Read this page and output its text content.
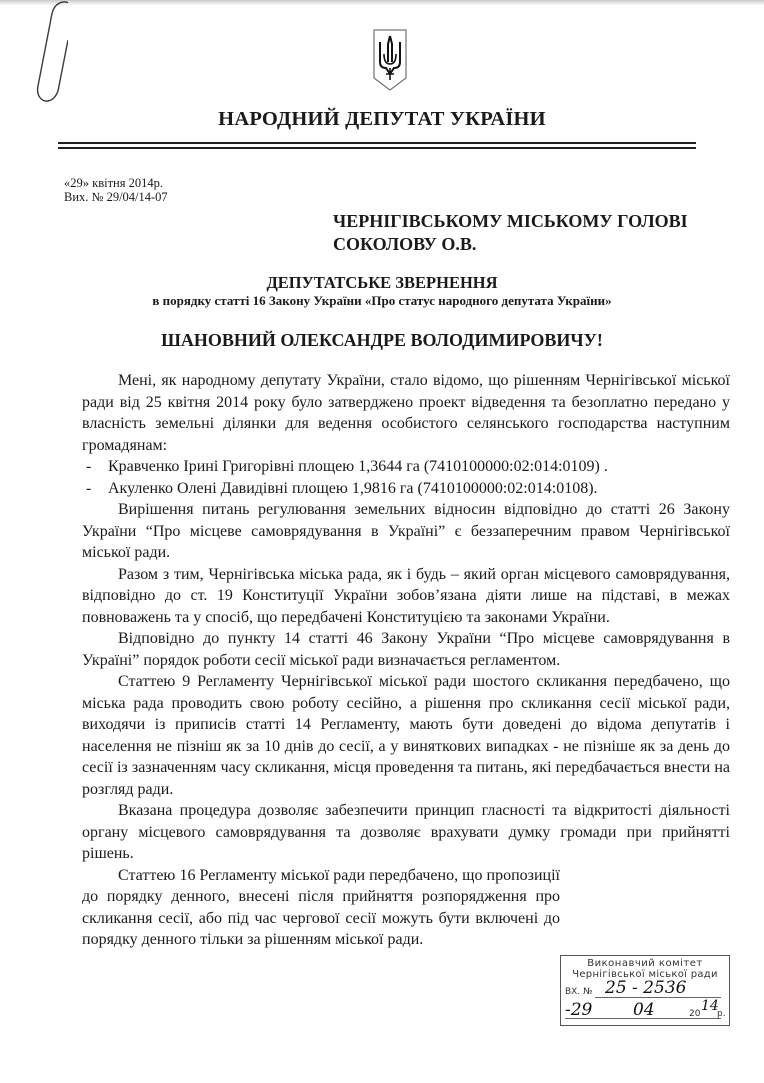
НАРОДНИЙ ДЕПУТАТ УКРАЇНИ
«29» квітня 2014р.
Вих. № 29/04/14-07
ЧЕРНІГІВСЬКОМУ МІСЬКОМУ ГОЛОВІ
СОКОЛОВУ О.В.
ДЕПУТАТСЬКЕ ЗВЕРНЕННЯ
в порядку статті 16 Закону України «Про статус народного депутата України»
ШАНОВНИЙ ОЛЕКСАНДРЕ ВОЛОДИМИРОВИЧУ!

Мені, як народному депутату України, стало відомо, що рішенням Чернігівської міської ради від 25 квітня 2014 року було затверджено проект відведення та безоплатно передано у власність земельні ділянки для ведення особистого селянського господарства наступним громадянам:

- Кравченко Ірині Григорівні площею 1,3644 га (7410100000:02:014:0109) .
- Акуленко Олені Давидівні площею 1,9816 га (7410100000:02:014:0108).

Вирішення питань регулювання земельних відносин відповідно до статті 26 Закону України “Про місцеве самоврядування в Україні” є беззаперечним правом Чернігівської міської ради.

Разом з тим, Чернігівська міська рада, як і будь – який орган місцевого самоврядування, відповідно до ст. 19 Конституції України зобов’язана діяти лише на підставі, в межах повноважень та у спосіб, що передбачені Конституцією та законами України.

Відповідно до пункту 14 статті 46 Закону України “Про місцеве самоврядування в Україні” порядок роботи сесії міської ради визначається регламентом.

Статтею 9 Регламенту Чернігівської міської ради шостого скликання передбачено, що міська рада проводить свою роботу сесійно, а рішення про скликання сесії міської ради, виходячи із приписів статті 14 Регламенту, мають бути доведені до відома депутатів і населення не пізніш як за 10 днів до сесії, а у виняткових випадках - не пізніше як за день до сесії із зазначенням часу скликання, місця проведення та питань, які передбачається внести на розгляд ради.

Вказана процедура дозволяє забезпечити принцип гласності та відкритості діяльності органу місцевого самоврядування та дозволяє врахувати думку громади при прийнятті рішень.

Статтею 16 Регламенту міської ради передбачено, що пропозиції до порядку денного, внесені після прийняття розпорядження про скликання сесії, або під час чергової сесії можуть бути включені до порядку денного тільки за рішенням міської ради.

Виконавчий комітет
Чернігівської міської ради
ВХ. № 25 - 2536
-29 04	20 14
р.
